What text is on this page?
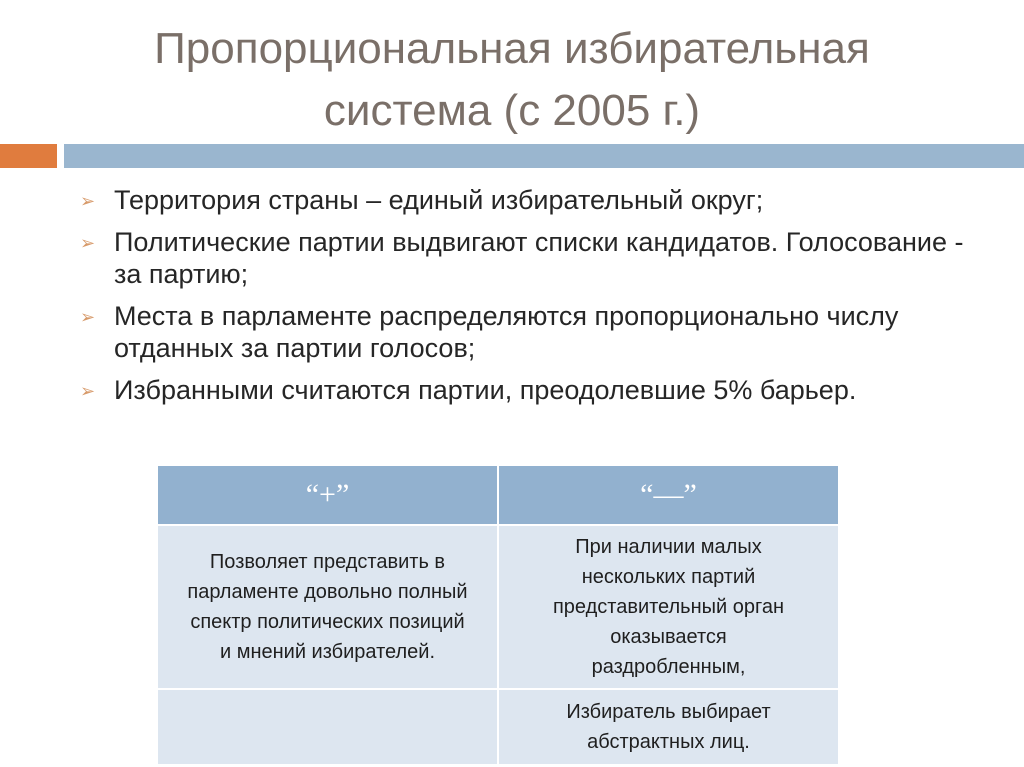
Пропорциональная избирательная
система (с 2005 г.)
➢ Территория страны – единый избирательный округ;
➢ Политические партии выдвигают списки кандидатов. Голосование - за партию;
➢ Места в парламенте распределяются пропорционально числу отданных за партии голосов;
➢ Избранными считаются партии, преодолевшие 5% барьер.
“+”	“—”

Позволяет представить в
парламенте довольно полный
спектр политических позиций
и мнений избирателей.	При наличии малых
нескольких партий
представительный орган
оказывается
раздробленным,

	Избиратель выбирает
абстрактных лиц.
